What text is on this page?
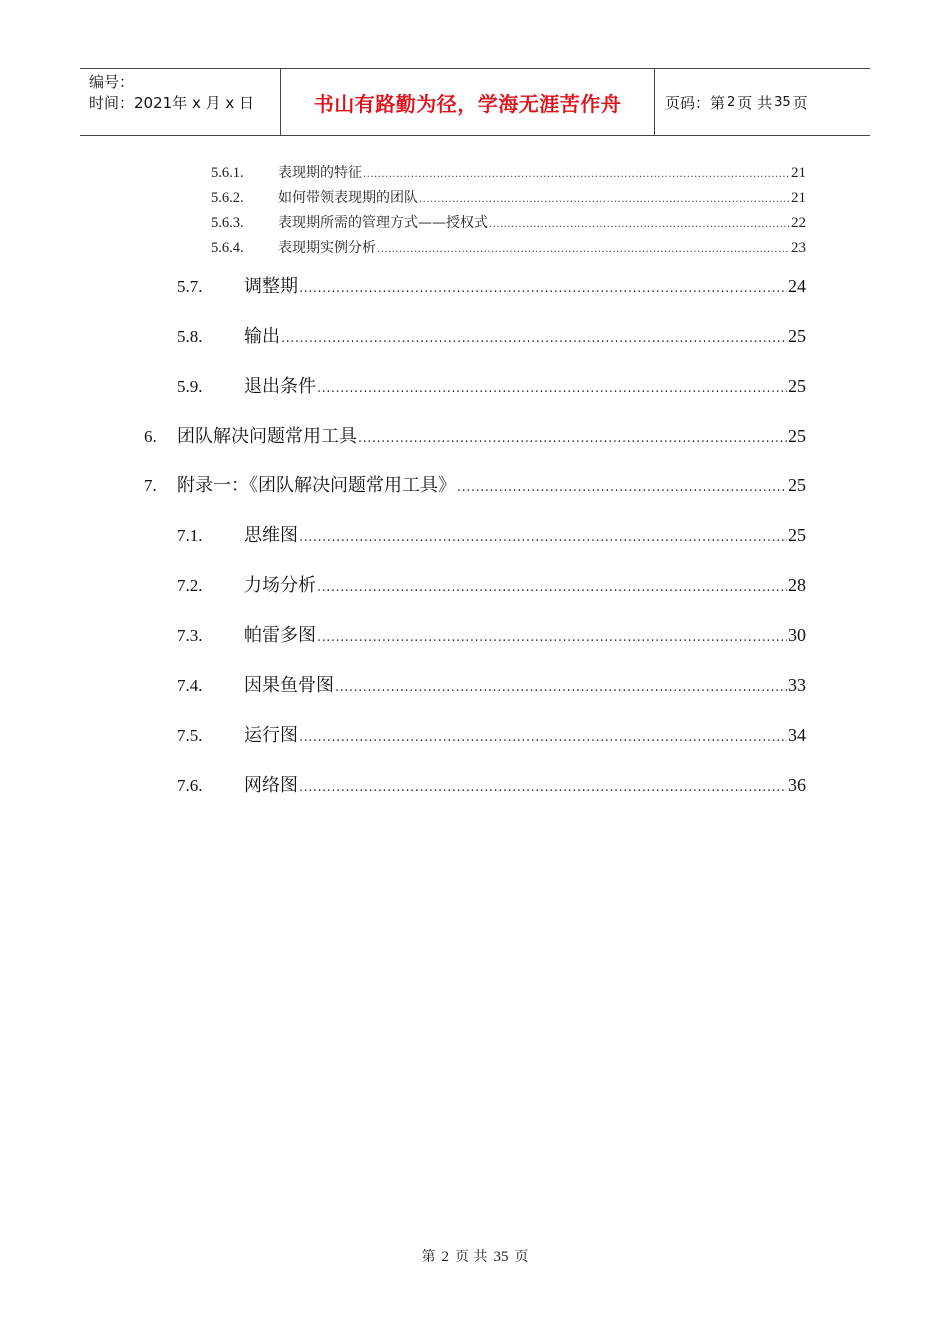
编号：
时间：2021年 x 月 x 日	书山有路勤为径，学海无涯苦作舟	页码：第 2 页 共 35 页
5.6.1.	表现期的特征 .....	21
5.6.2.	如何带领表现期的团队 .....	21
5.6.3.	表现期所需的管理方式——授权式 .....	22
5.6.4.	表现期实例分析 .....	23
5.7.	调整期 .....	24
5.8.	输出 .....	25
5.9.	退出条件 .....	25
6.	团队解决问题常用工具 .....	25
7.	附录一：《团队解决问题常用工具》 .....	25
7.1.	思维图 .....	25
7.2.	力场分析 .....	28
7.3.	帕雷多图 .....	30
7.4.	因果鱼骨图 .....	33
7.5.	运行图 .....	34
7.6.	网络图 .....	36
第 2 页 共 35 页
